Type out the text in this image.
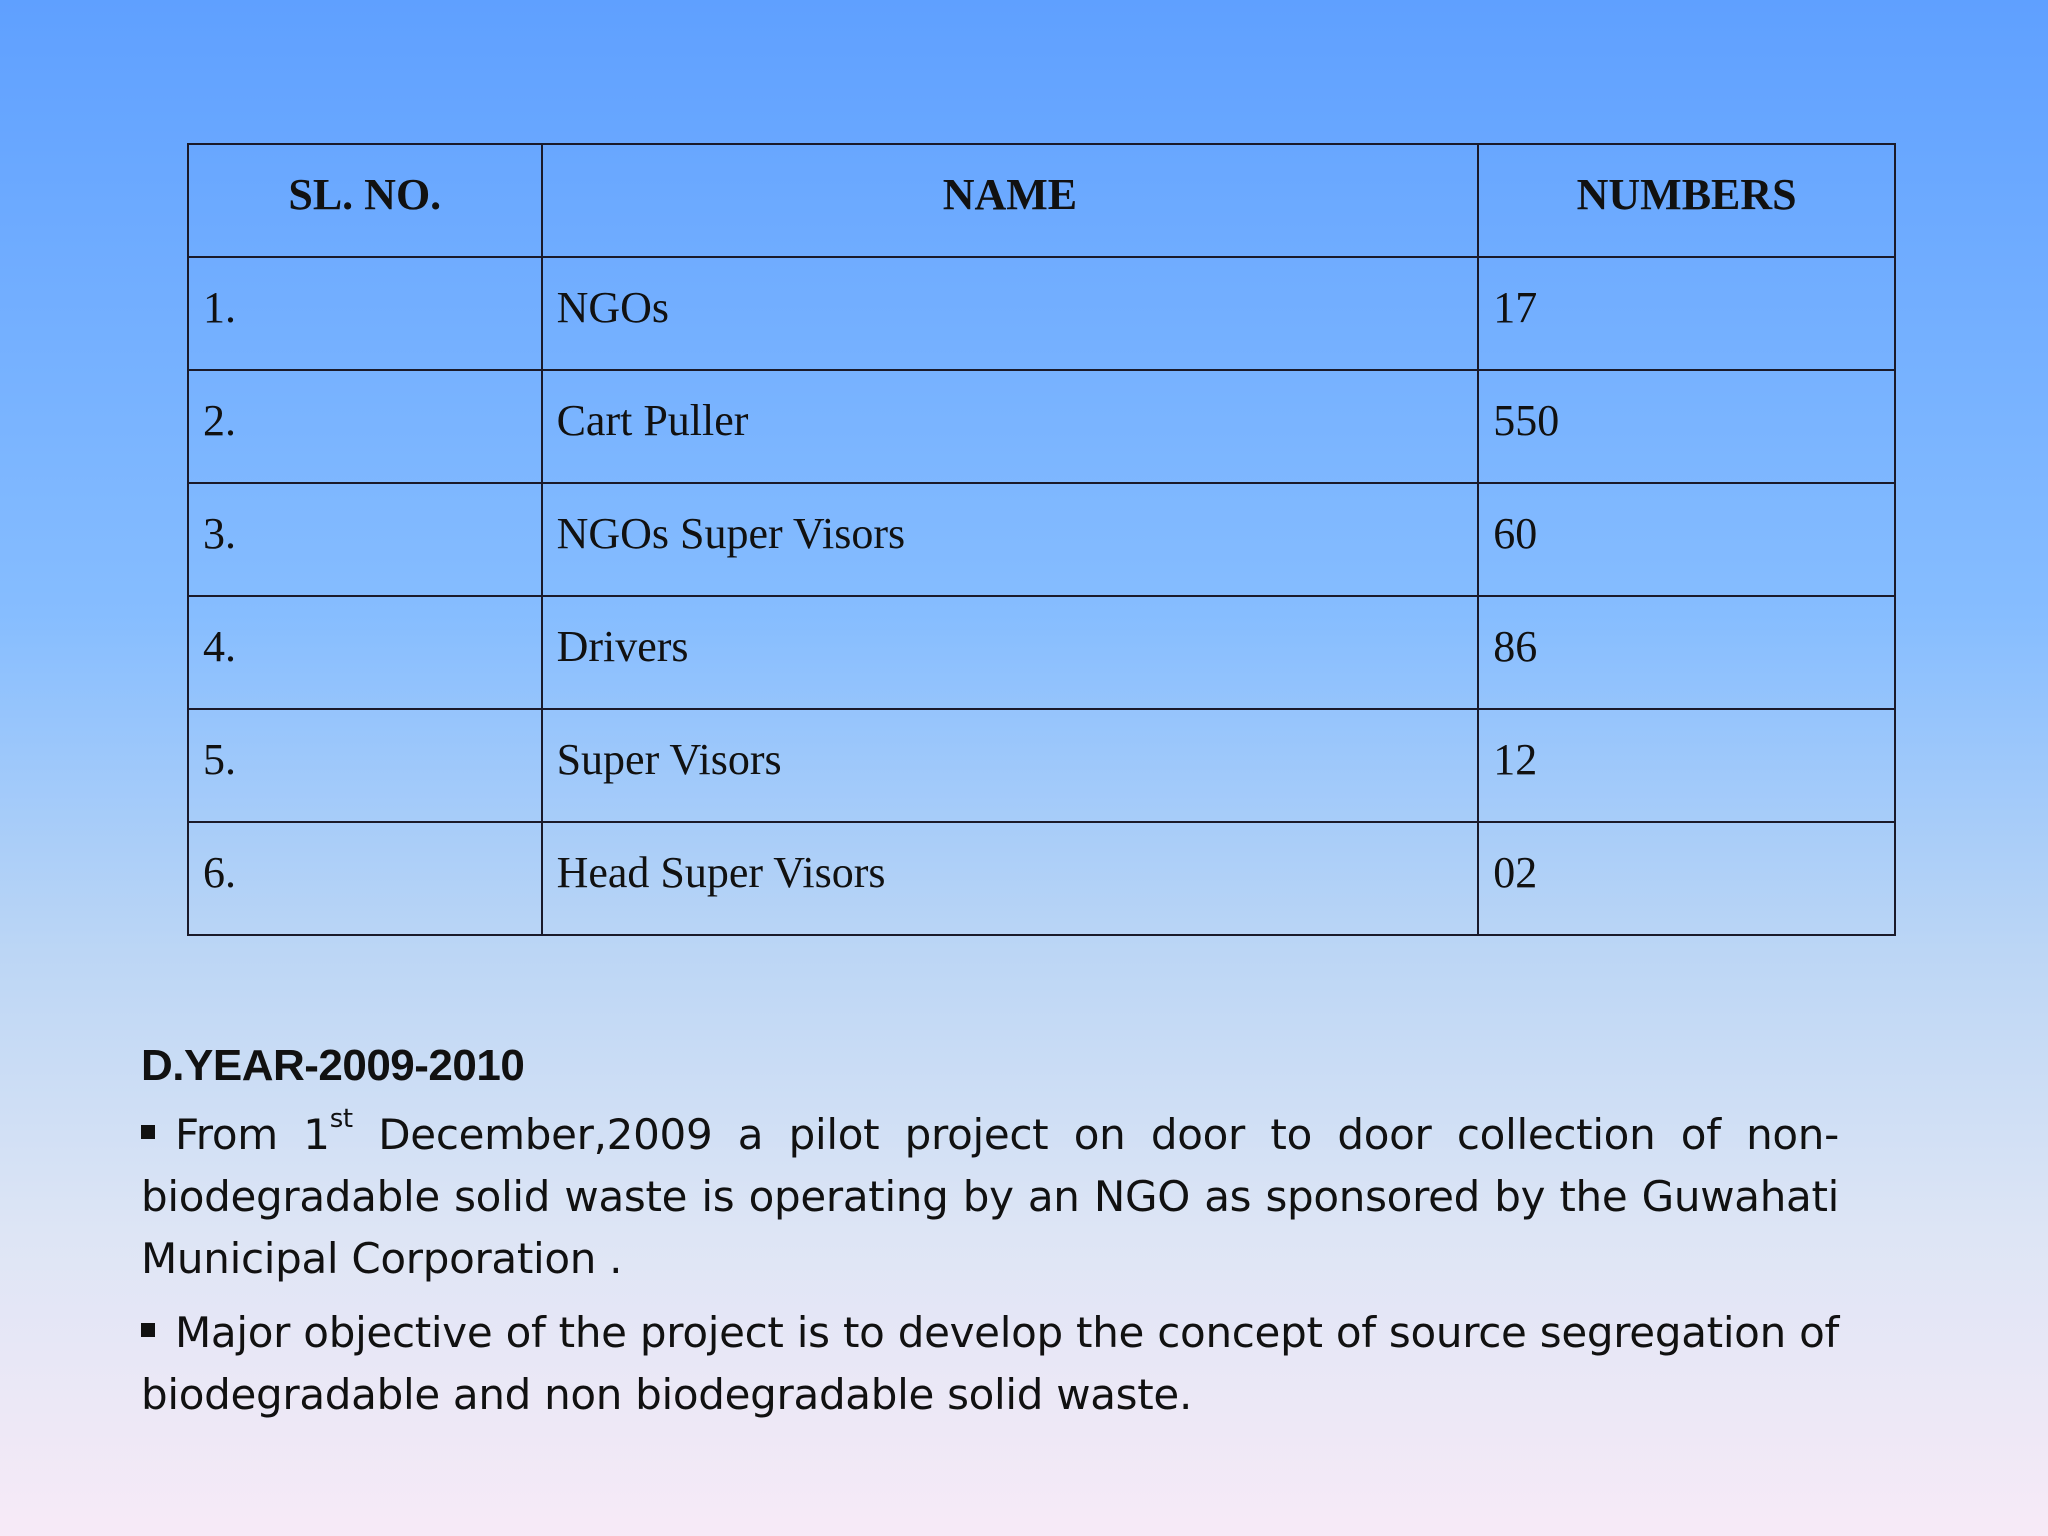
SL. NO.	NAME	NUMBERS
1.	NGOs	17
2.	Cart Puller	550
3.	NGOs Super Visors	60
4.	Drivers	86
5.	Super Visors	12
6.	Head Super Visors	02
D.YEAR-2009-2010

From 1st December,2009 a pilot project on door to door collection of non-biodegradable solid waste is operating by an NGO as sponsored by the Guwahati Municipal Corporation .

Major objective of the project is to develop the concept of source segregation of biodegradable and non biodegradable solid waste.
